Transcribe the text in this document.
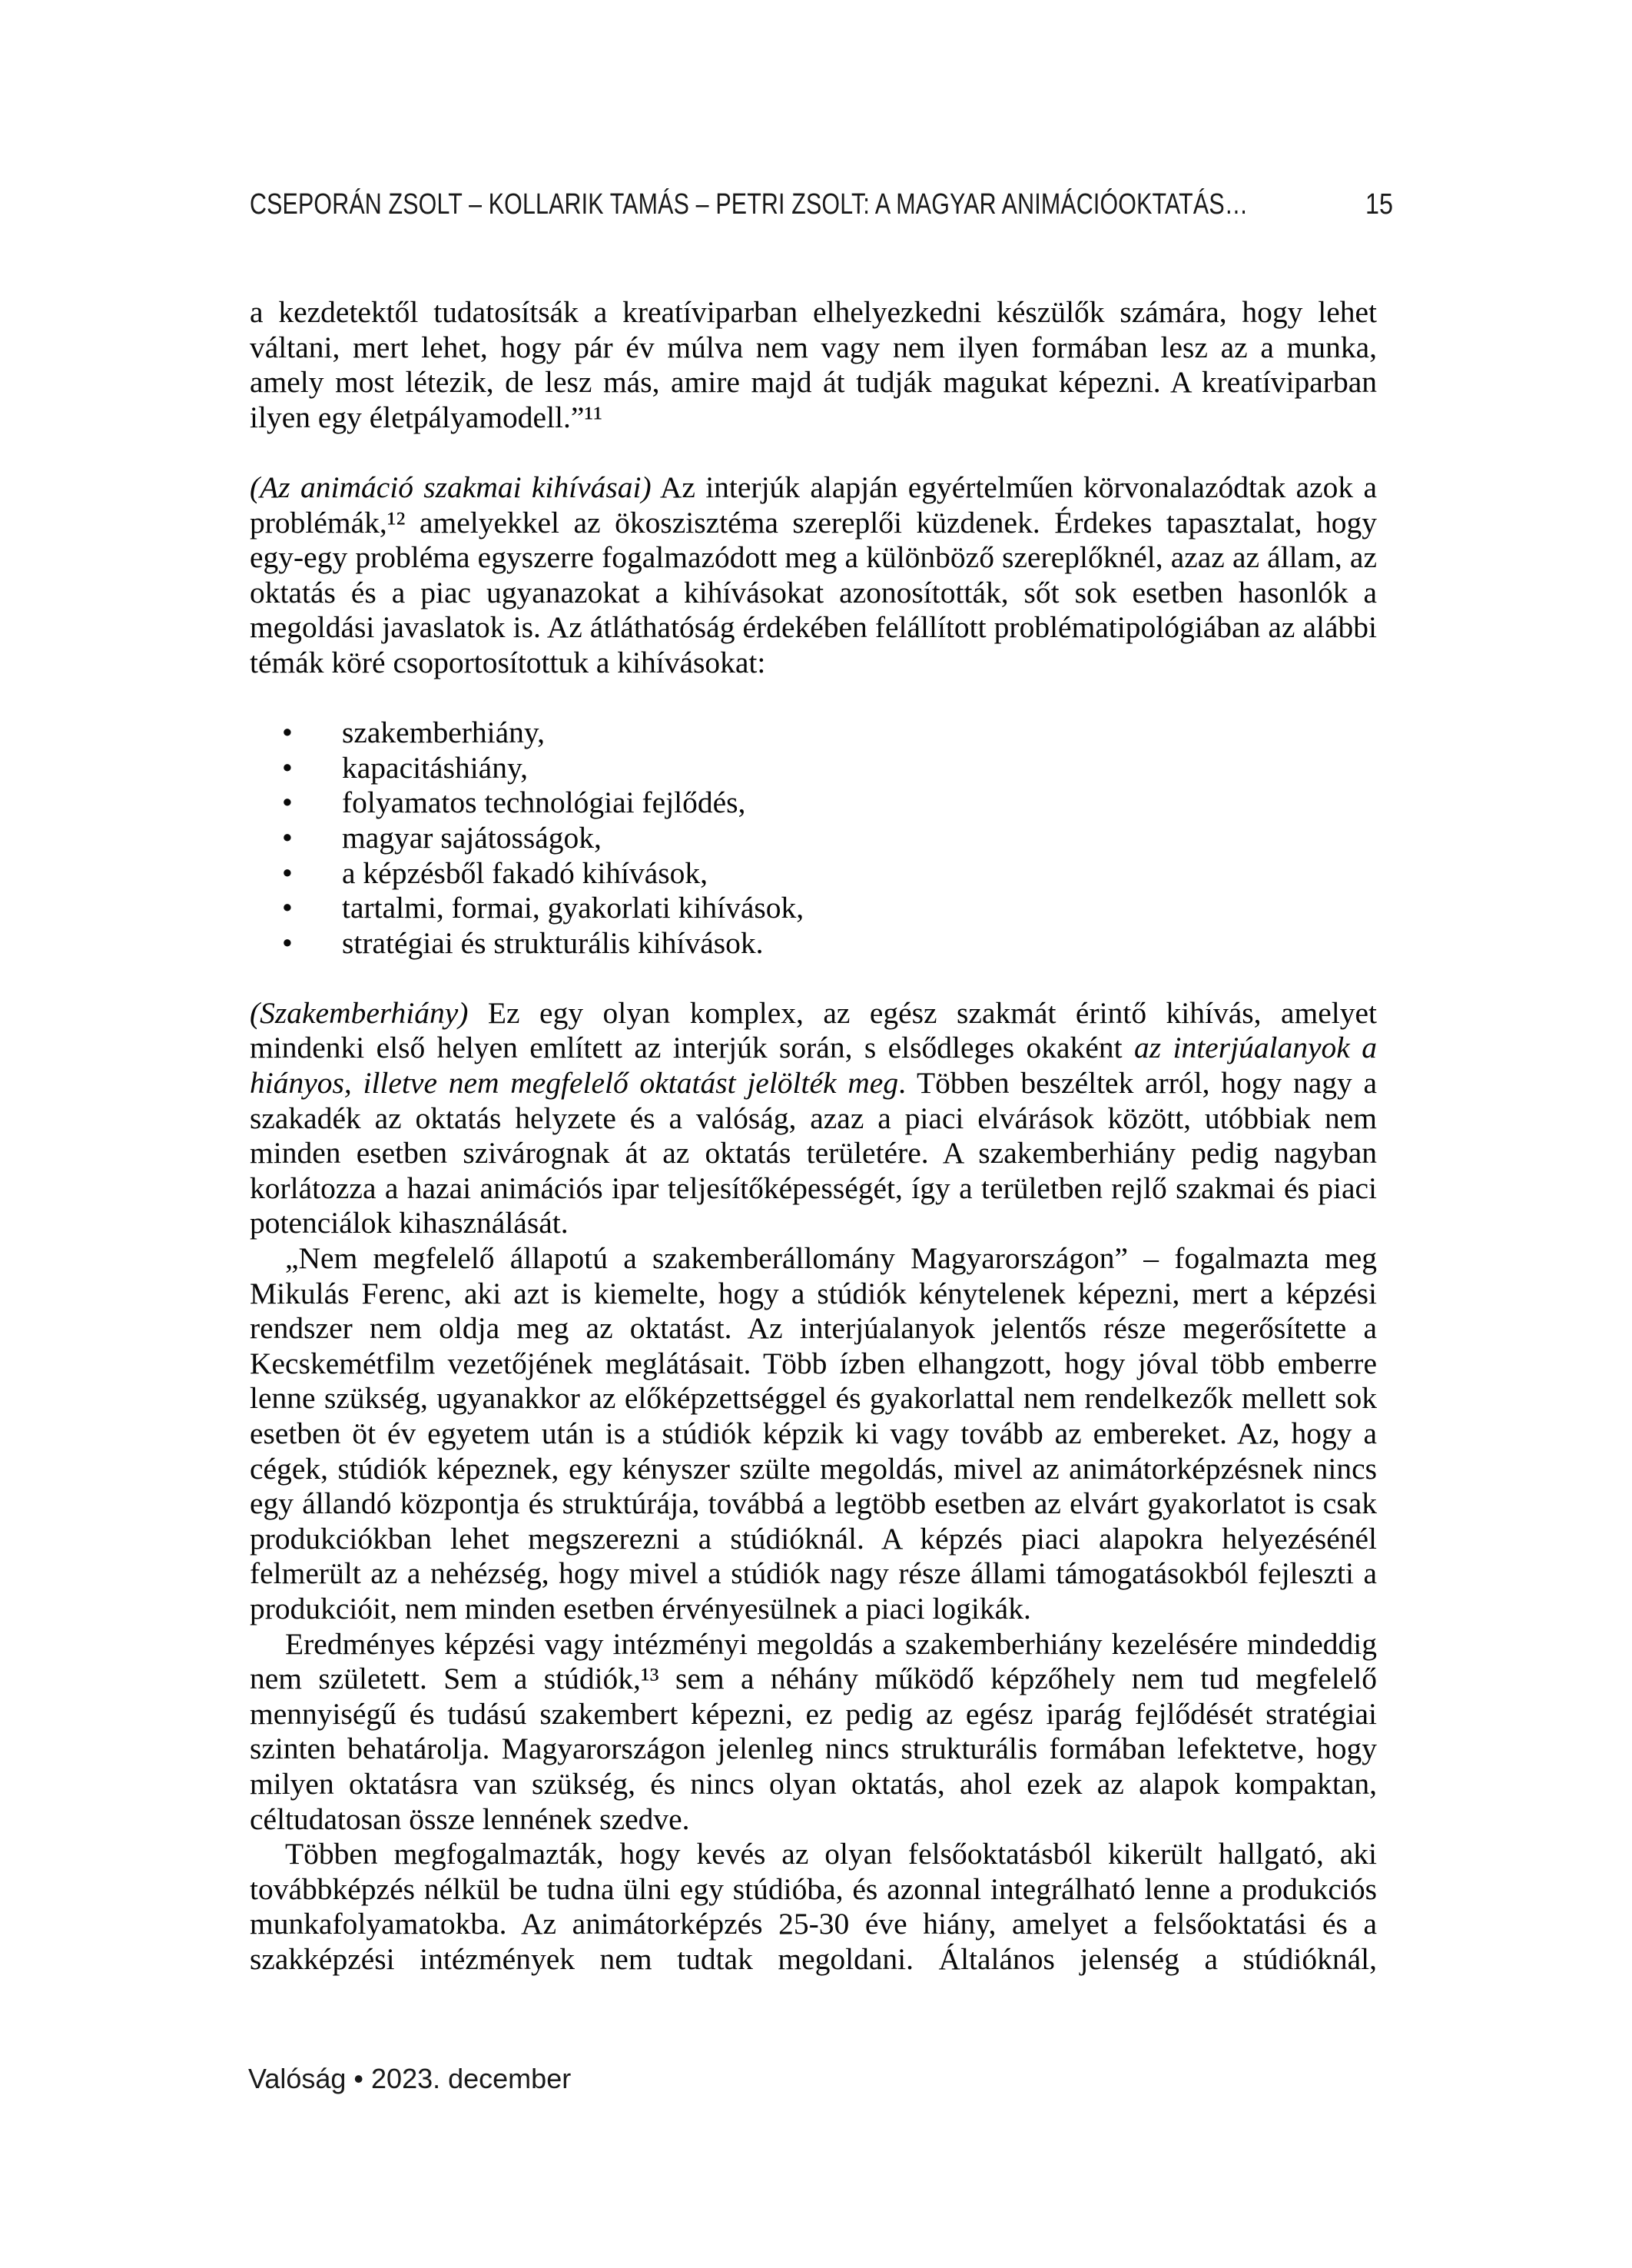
CSEPORÁN ZSOLT – KOLLARIK TAMÁS – PETRI ZSOLT: A MAGYAR ANIMÁCIÓOKTATÁS…	15

a kezdetektől tudatosítsák a kreatíviparban elhelyezkedni készülők számára, hogy lehet váltani, mert lehet, hogy pár év múlva nem vagy nem ilyen formában lesz az a munka, amely most létezik, de lesz más, amire majd át tudják magukat képezni. A kreatíviparban ilyen egy életpályamodell.”¹¹

(Az animáció szakmai kihívásai) Az interjúk alapján egyértelműen körvonalazódtak azok a problémák,¹² amelyekkel az ökoszisztéma szereplői küzdenek. Érdekes tapasztalat, hogy egy-egy probléma egyszerre fogalmazódott meg a különböző szereplőknél, azaz az állam, az oktatás és a piac ugyanazokat a kihívásokat azonosították, sőt sok esetben hasonlók a megoldási javaslatok is. Az átláthatóság érdekében felállított problématipológiában az alábbi témák köré csoportosítottuk a kihívásokat:

• szakemberhiány,
• kapacitáshiány,
• folyamatos technológiai fejlődés,
• magyar sajátosságok,
• a képzésből fakadó kihívások,
• tartalmi, formai, gyakorlati kihívások,
• stratégiai és strukturális kihívások.

(Szakemberhiány) Ez egy olyan komplex, az egész szakmát érintő kihívás, amelyet mindenki első helyen említett az interjúk során, s elsődleges okaként az interjúalanyok a hiányos, illetve nem megfelelő oktatást jelölték meg. Többen beszéltek arról, hogy nagy a szakadék az oktatás helyzete és a valóság, azaz a piaci elvárások között, utóbbiak nem minden esetben szivárognak át az oktatás területére. A szakemberhiány pedig nagyban korlátozza a hazai animációs ipar teljesítőképességét, így a területben rejlő szakmai és piaci potenciálok kihasználását.

„Nem megfelelő állapotú a szakemberállomány Magyarországon” – fogalmazta meg Mikulás Ferenc, aki azt is kiemelte, hogy a stúdiók kénytelenek képezni, mert a képzési rendszer nem oldja meg az oktatást. Az interjúalanyok jelentős része megerősítette a Kecskemétfilm vezetőjének meglátásait. Több ízben elhangzott, hogy jóval több emberre lenne szükség, ugyanakkor az előképzettséggel és gyakorlattal nem rendelkezők mellett sok esetben öt év egyetem után is a stúdiók képzik ki vagy tovább az embereket. Az, hogy a cégek, stúdiók képeznek, egy kényszer szülte megoldás, mivel az animátorképzésnek nincs egy állandó központja és struktúrája, továbbá a legtöbb esetben az elvárt gyakorlatot is csak produkciókban lehet megszerezni a stúdióknál. A képzés piaci alapokra helyezésénél felmerült az a nehézség, hogy mivel a stúdiók nagy része állami támogatásokból fejleszti a produkcióit, nem minden esetben érvényesülnek a piaci logikák.

Eredményes képzési vagy intézményi megoldás a szakemberhiány kezelésére mindeddig nem született. Sem a stúdiók,¹³ sem a néhány működő képzőhely nem tud megfelelő mennyiségű és tudású szakembert képezni, ez pedig az egész iparág fejlődését stratégiai szinten behatárolja. Magyarországon jelenleg nincs strukturális formában lefektetve, hogy milyen oktatásra van szükség, és nincs olyan oktatás, ahol ezek az alapok kompaktan, céltudatosan össze lennének szedve.

Többen megfogalmazták, hogy kevés az olyan felsőoktatásból kikerült hallgató, aki továbbképzés nélkül be tudna ülni egy stúdióba, és azonnal integrálható lenne a produkciós munkafolyamatokba. Az animátorképzés 25-30 éve hiány, amelyet a felsőoktatási és a szakképzési intézmények nem tudtak megoldani. Általános jelenség a stúdióknál,

Valóság • 2023. december
